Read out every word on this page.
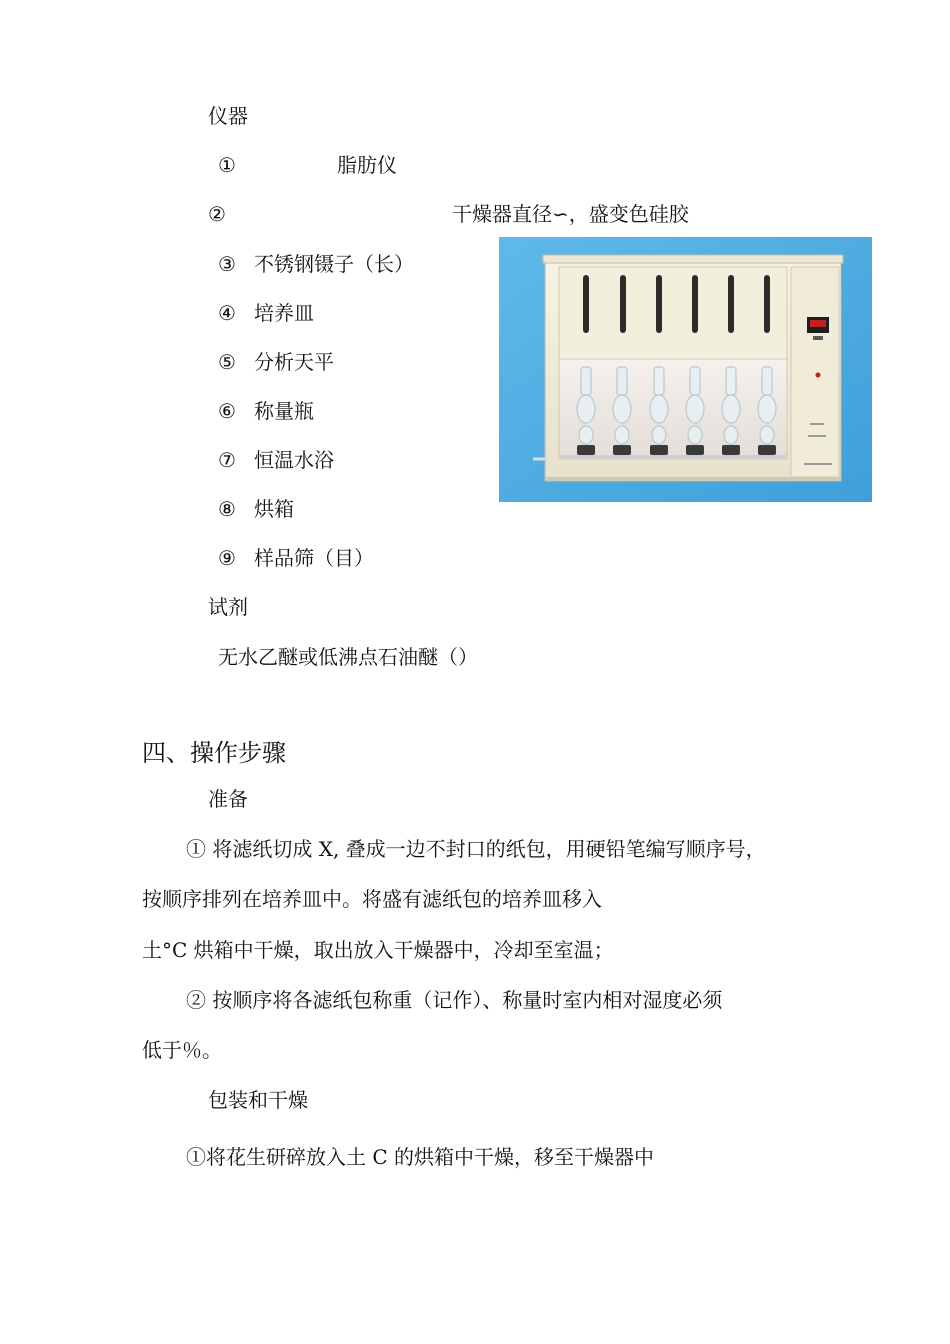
仪器
①	脂肪仪
②	干燥器直径∽，盛变色硅胶
③ 不锈钢镊子（长）
④ 培养皿
⑤ 分析天平
⑥ 称量瓶
⑦ 恒温水浴
⑧ 烘箱
⑨ 样品筛（目）
试剂
无水乙醚或低沸点石油醚（）
四、操作步骤
准备
① 将滤纸切成 X, 叠成一边不封口的纸包，用硬铅笔编写顺序号，
按顺序排列在培养皿中。将盛有滤纸包的培养皿移入
土°C 烘箱中干燥，取出放入干燥器中，冷却至室温；
② 按顺序将各滤纸包称重（记作）、称量时室内相对湿度必须
低于％。
包装和干燥
①将花生研碎放入土 C 的烘箱中干燥，移至干燥器中
